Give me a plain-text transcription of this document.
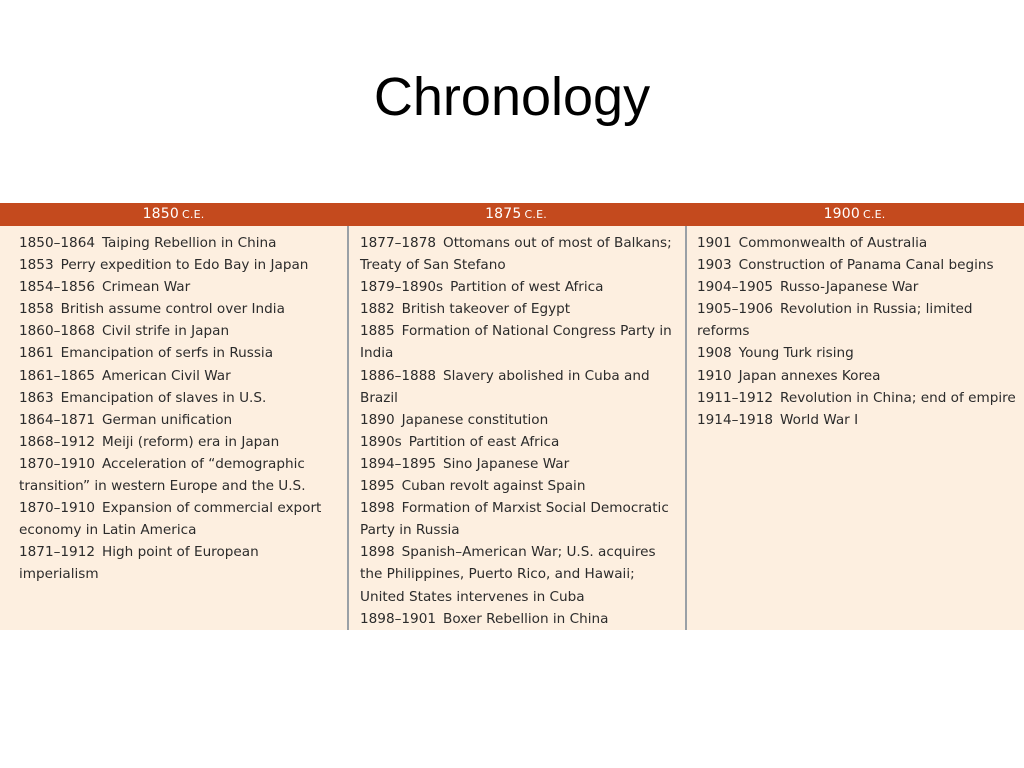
Chronology
1850 C.E.	1875 C.E.	1900 C.E.
1850–1864 Taiping Rebellion in China
1853 Perry expedition to Edo Bay in Japan
1854–1856 Crimean War
1858 British assume control over India
1860–1868 Civil strife in Japan
1861 Emancipation of serfs in Russia
1861–1865 American Civil War
1863 Emancipation of slaves in U.S.
1864–1871 German unification
1868–1912 Meiji (reform) era in Japan
1870–1910 Acceleration of “demographic transition” in western Europe and the U.S.
1870–1910 Expansion of commercial export economy in Latin America
1871–1912 High point of European imperialism
1877–1878 Ottomans out of most of Balkans; Treaty of San Stefano
1879–1890s Partition of west Africa
1882 British takeover of Egypt
1885 Formation of National Congress Party in India
1886–1888 Slavery abolished in Cuba and Brazil
1890 Japanese constitution
1890s Partition of east Africa
1894–1895 Sino Japanese War
1895 Cuban revolt against Spain
1898 Formation of Marxist Social Democratic Party in Russia
1898 Spanish–American War; U.S. acquires the Philippines, Puerto Rico, and Hawaii; United States intervenes in Cuba
1898–1901 Boxer Rebellion in China
1901 Commonwealth of Australia
1903 Construction of Panama Canal begins
1904–1905 Russo-Japanese War
1905–1906 Revolution in Russia; limited reforms
1908 Young Turk rising
1910 Japan annexes Korea
1911–1912 Revolution in China; end of empire
1914–1918 World War I
